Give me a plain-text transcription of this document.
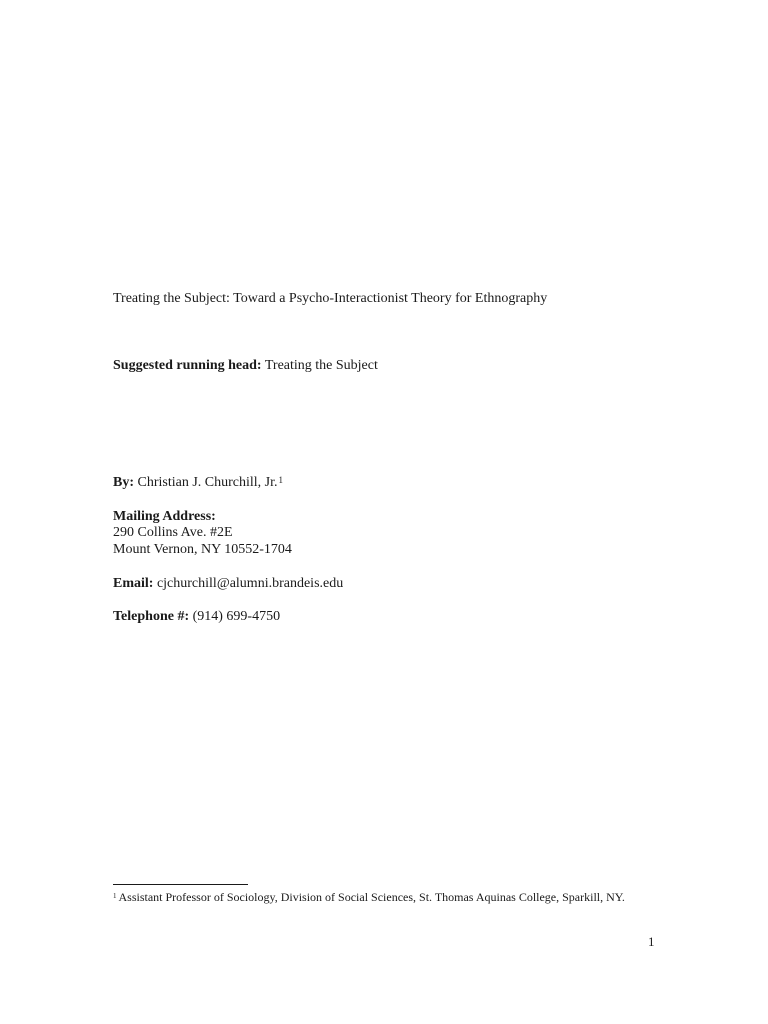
Treating the Subject: Toward a Psycho-Interactionist Theory for Ethnography
Suggested running head: Treating the Subject
By: Christian J. Churchill, Jr.$^1$
Mailing Address:
290 Collins Ave. #2E
Mount Vernon, NY 10552-1704
Email: cjchurchill@alumni.brandeis.edu
Telephone #: (914) 699-4750
$^1$ Assistant Professor of Sociology, Division of Social Sciences, St. Thomas Aquinas College, Sparkill, NY.
1
